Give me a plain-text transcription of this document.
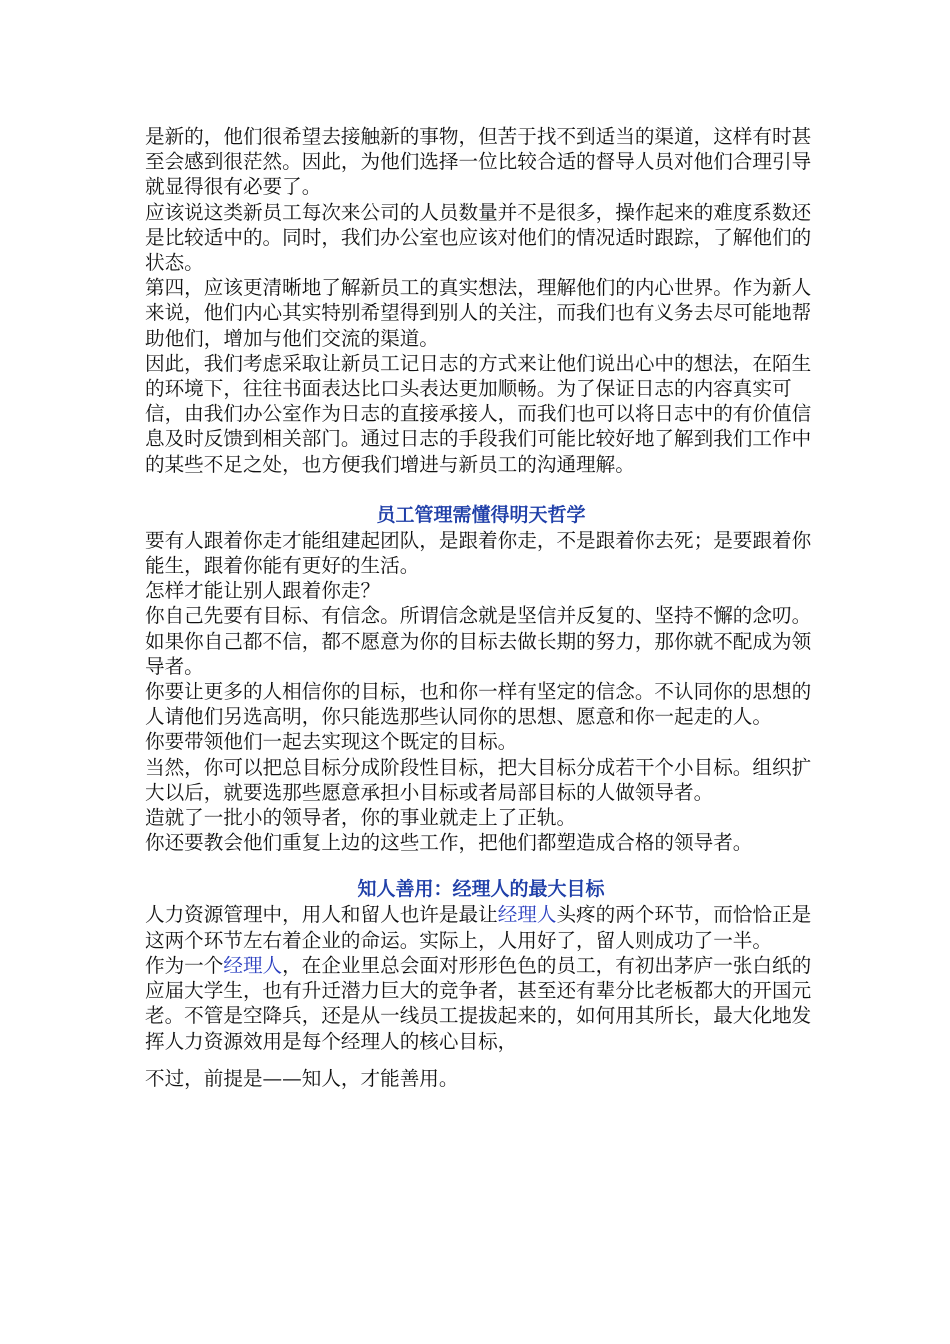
是新的，他们很希望去接触新的事物，但苦于找不到适当的渠道，这样有时甚至会感到很茫然。因此，为他们选择一位比较合适的督导人员对他们合理引导就显得很有必要了。

应该说这类新员工每次来公司的人员数量并不是很多，操作起来的难度系数还是比较适中的。同时，我们办公室也应该对他们的情况适时跟踪，了解他们的状态。

第四，应该更清晰地了解新员工的真实想法，理解他们的内心世界。作为新人来说，他们内心其实特别希望得到别人的关注，而我们也有义务去尽可能地帮助他们，增加与他们交流的渠道。

因此，我们考虑采取让新员工记日志的方式来让他们说出心中的想法，在陌生的环境下，往往书面表达比口头表达更加顺畅。为了保证日志的内容真实可信，由我们办公室作为日志的直接承接人，而我们也可以将日志中的有价值信息及时反馈到相关部门。通过日志的手段我们可能比较好地了解到我们工作中的某些不足之处，也方便我们增进与新员工的沟通理解。

员工管理需懂得明天哲学

要有人跟着你走才能组建起团队，是跟着你走，不是跟着你去死；是要跟着你能生，跟着你能有更好的生活。

怎样才能让别人跟着你走？

你自己先要有目标、有信念。所谓信念就是坚信并反复的、坚持不懈的念叨。如果你自己都不信，都不愿意为你的目标去做长期的努力，那你就不配成为领导者。

你要让更多的人相信你的目标，也和你一样有坚定的信念。不认同你的思想的人请他们另选高明，你只能选那些认同你的思想、愿意和你一起走的人。

你要带领他们一起去实现这个既定的目标。

当然，你可以把总目标分成阶段性目标，把大目标分成若干个小目标。组织扩大以后，就要选那些愿意承担小目标或者局部目标的人做领导者。

造就了一批小的领导者，你的事业就走上了正轨。

你还要教会他们重复上边的这些工作，把他们都塑造成合格的领导者。

知人善用：经理人的最大目标

人力资源管理中，用人和留人也许是最让经理人头疼的两个环节，而恰恰正是这两个环节左右着企业的命运。实际上，人用好了，留人则成功了一半。

作为一个经理人，在企业里总会面对形形色色的员工，有初出茅庐一张白纸的应届大学生，也有升迁潜力巨大的竞争者，甚至还有辈分比老板都大的开国元老。不管是空降兵，还是从一线员工提拔起来的，如何用其所长，最大化地发挥人力资源效用是每个经理人的核心目标，

不过，前提是——知人，才能善用。
